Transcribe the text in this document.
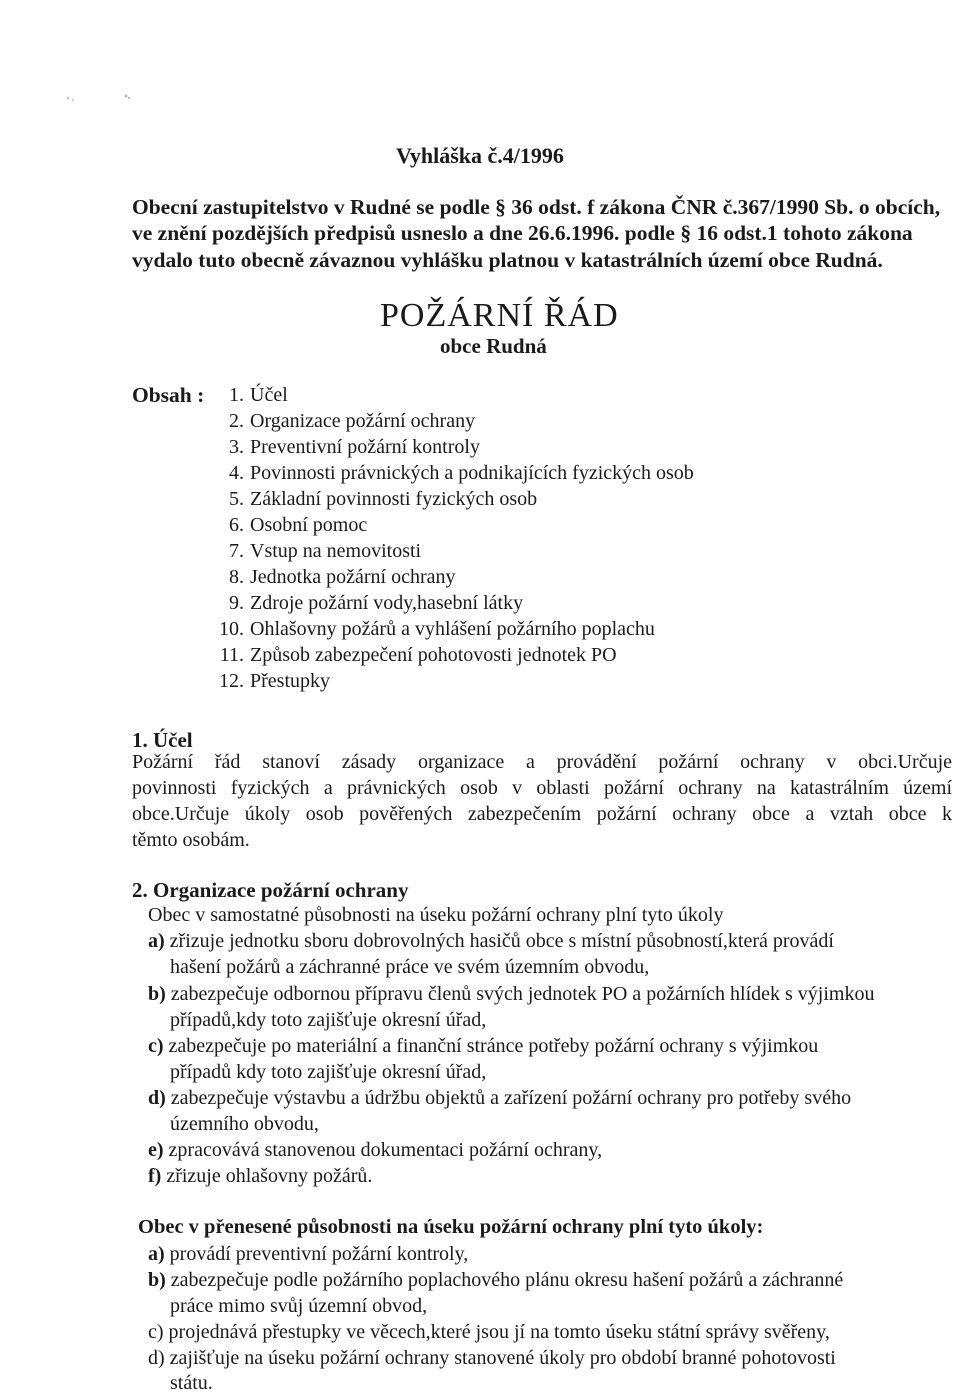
Vyhláška č.4/1996
Obecní zastupitelstvo v Rudné se podle § 36 odst. f zákona ČNR č.367/1990 Sb. o obcích,
ve znění pozdějších předpisů usneslo a dne 26.6.1996. podle § 16 odst.1 tohoto zákona
vydalo tuto obecně závaznou vyhlášku platnou v katastrálních území obce Rudná.
POŽÁRNÍ ŘÁD
obce Rudná
Obsah :	1. Účel
2. Organizace požární ochrany
3. Preventivní požární kontroly
4. Povinnosti právnických a podnikajících fyzických osob
5. Základní povinnosti fyzických osob
6. Osobní pomoc
7. Vstup na nemovitosti
8. Jednotka požární ochrany
9. Zdroje požární vody,hasební látky
10. Ohlašovny požárů a vyhlášení požárního poplachu
11. Způsob zabezpečení pohotovosti jednotek PO
12. Přestupky
1. Účel
Požární řád stanoví zásady organizace a provádění požární ochrany v obci.Určuje
povinnosti fyzických a právnických osob v oblasti požární ochrany na katastrálním území
obce.Určuje úkoly osob pověřených zabezpečením požární ochrany obce a vztah obce k
těmto osobám.
2. Organizace požární ochrany
Obec v samostatné působnosti na úseku požární ochrany plní tyto úkoly
a) zřizuje jednotku sboru dobrovolných hasičů obce s místní působností,která provádí
hašení požárů a záchranné práce ve svém územním obvodu,
b) zabezpečuje odbornou přípravu členů svých jednotek PO a požárních hlídek s výjimkou
případů,kdy toto zajišťuje okresní úřad,
c) zabezpečuje po materiální a finanční stránce potřeby požární ochrany s výjimkou
případů kdy toto zajišťuje okresní úřad,
d) zabezpečuje výstavbu a údržbu objektů a zařízení požární ochrany pro potřeby svého
územního obvodu,
e) zpracovává stanovenou dokumentaci požární ochrany,
f) zřizuje ohlašovny požárů.
Obec v přenesené působnosti na úseku požární ochrany plní tyto úkoly:
a) provádí preventivní požární kontroly,
b) zabezpečuje podle požárního poplachového plánu okresu hašení požárů a záchranné
práce mimo svůj územní obvod,
c) projednává přestupky ve věcech,které jsou jí na tomto úseku státní správy svěřeny,
d) zajišťuje na úseku požární ochrany stanovené úkoly pro období branné pohotovosti
státu.
